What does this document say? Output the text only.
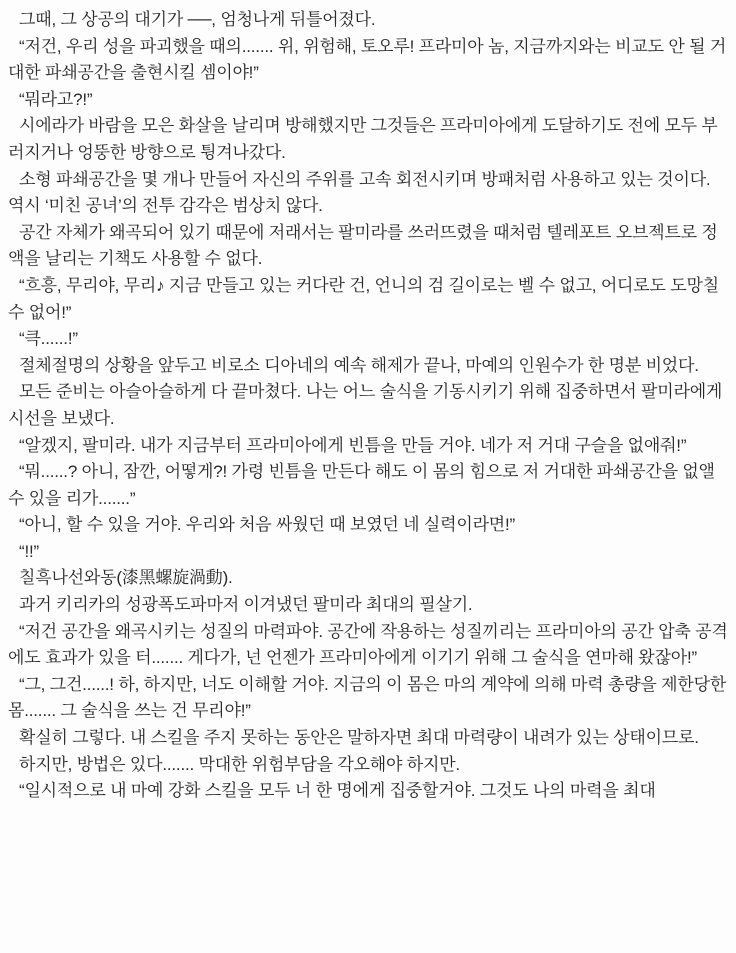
그때, 그 상공의 대기가 ──, 엄청나게 뒤틀어졌다.

“저건, 우리 성을 파괴했을 때의....... 위, 위험해, 토오루! 프라미아 놈, 지금까지와는 비교도 안 될 거대한 파쇄공간을 출현시킬 셈이야!”

“뭐라고?!”

시에라가 바람을 모은 화살을 날리며 방해했지만 그것들은 프라미아에게 도달하기도 전에 모두 부러지거나 엉뚱한 방향으로 튕겨나갔다.

소형 파쇄공간을 몇 개나 만들어 자신의 주위를 고속 회전시키며 방패처럼 사용하고 있는 것이다. 역시 ‘미친 공녀’의 전투 감각은 범상치 않다.

공간 자체가 왜곡되어 있기 때문에 저래서는 팔미라를 쓰러뜨렸을 때처럼 텔레포트 오브젝트로 정액을 날리는 기책도 사용할 수 없다.

“흐흥, 무리야, 무리♪ 지금 만들고 있는 커다란 건, 언니의 검 길이로는 벨 수 없고, 어디로도 도망칠 수 없어!”

“큭......!”

절체절명의 상황을 앞두고 비로소 디아네의 예속 해제가 끝나, 마예의 인원수가 한 명분 비었다.

모든 준비는 아슬아슬하게 다 끝마쳤다. 나는 어느 술식을 기동시키기 위해 집중하면서 팔미라에게 시선을 보냈다.

“알겠지, 팔미라. 내가 지금부터 프라미아에게 빈틈을 만들 거야. 네가 저 거대 구슬을 없애줘!”

“뭐......? 아니, 잠깐, 어떻게?! 가령 빈틈을 만든다 해도 이 몸의 힘으로 저 거대한 파쇄공간을 없앨 수 있을 리가.......”

“아니, 할 수 있을 거야. 우리와 처음 싸웠던 때 보였던 네 실력이라면!”

“!!”

칠흑나선와동(漆黑螺旋渦動).

과거 키리카의 성광폭도파마저 이겨냈던 팔미라 최대의 필살기.

“저건 공간을 왜곡시키는 성질의 마력파야. 공간에 작용하는 성질끼리는 프라미아의 공간 압축 공격에도 효과가 있을 터....... 게다가, 넌 언젠가 프라미아에게 이기기 위해 그 술식을 연마해 왔잖아!”

“그, 그건......! 하, 하지만, 너도 이해할 거야. 지금의 이 몸은 마의 계약에 의해 마력 총량을 제한당한 몸....... 그 술식을 쓰는 건 무리야!”

확실히 그렇다. 내 스킬을 주지 못하는 동안은 말하자면 최대 마력량이 내려가 있는 상태이므로.

하지만, 방법은 있다....... 막대한 위험부담을 각오해야 하지만.

“일시적으로 내 마예 강화 스킬을 모두 너 한 명에게 집중할거야. 그것도 나의 마력을 최대
